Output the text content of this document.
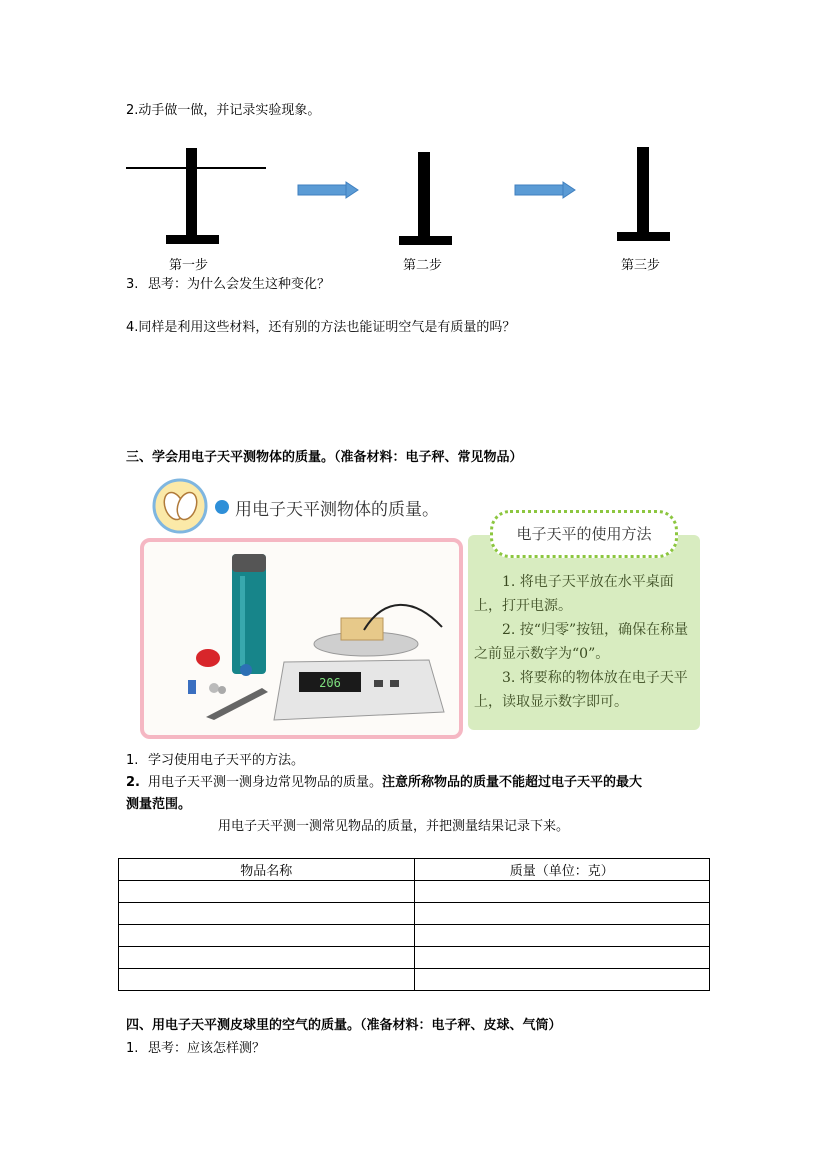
2.动手做一做，并记录实验现象。
第一步	第二步	第三步
3. 思考：为什么会发生这种变化？
4.同样是利用这些材料，还有别的方法也能证明空气是有质量的吗？
三、学会用电子天平测物体的质量。（准备材料：电子秤、常见物品）
用电子天平测物体的质量。
206
电子天平的使用方法
1. 将电子天平放在水平桌面上，打开电源。
2. 按“归零”按钮，确保在称量之前显示数字为“0”。
3. 将要称的物体放在电子天平上，读取显示数字即可。
1. 学习使用电子天平的方法。
2. 用电子天平测一测身边常见物品的质量。注意所称物品的质量不能超过电子天平的最大
测量范围。
用电子天平测一测常见物品的质量，并把测量结果记录下来。
物品名称	质量（单位：克）

四、用电子天平测皮球里的空气的质量。（准备材料：电子秤、皮球、气筒）
1. 思考：应该怎样测？
